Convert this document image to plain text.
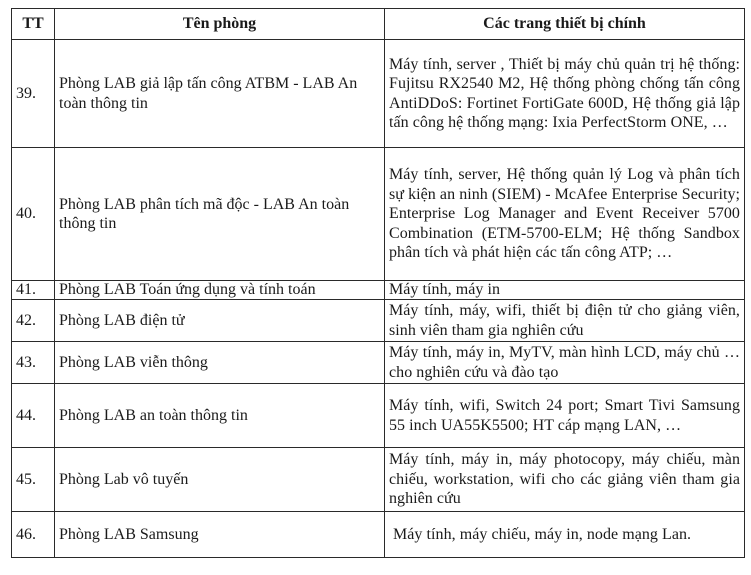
TT	Tên phòng	Các trang thiết bị chính
39.	Phòng LAB giả lập tấn công ATBM - LAB An toàn thông tin	Máy tính, server , Thiết bị máy chủ quản trị hệ thống: Fujitsu RX2540 M2, Hệ thống phòng chống tấn công AntiDDoS: Fortinet FortiGate 600D, Hệ thống giả lập tấn công hệ thống mạng: Ixia PerfectStorm ONE, …
40.	Phòng LAB phân tích mã độc - LAB An toàn thông tin	Máy tính, server, Hệ thống quản lý Log và phân tích sự kiện an ninh (SIEM) - McAfee Enterprise Security; Enterprise Log Manager and Event Receiver 5700 Combination (ETM-5700-ELM; Hệ thống Sandbox phân tích và phát hiện các tấn công ATP; …
41.	Phòng LAB Toán ứng dụng và tính toán	Máy tính, máy in
42.	Phòng LAB điện tử	Máy tính, máy, wifi, thiết bị điện tử cho giảng viên, sinh viên tham gia nghiên cứu
43.	Phòng LAB viễn thông	Máy tính, máy in, MyTV, màn hình LCD, máy chủ … cho nghiên cứu và đào tạo
44.	Phòng LAB an toàn thông tin	Máy tính, wifi, Switch 24 port; Smart Tivi Samsung 55 inch UA55K5500; HT cáp mạng LAN, …
45.	Phòng Lab vô tuyến	Máy tính, máy in, máy photocopy, máy chiếu, màn chiếu, workstation, wifi cho các giảng viên tham gia nghiên cứu
46.	Phòng LAB Samsung	Máy tính, máy chiếu, máy in, node mạng Lan.
